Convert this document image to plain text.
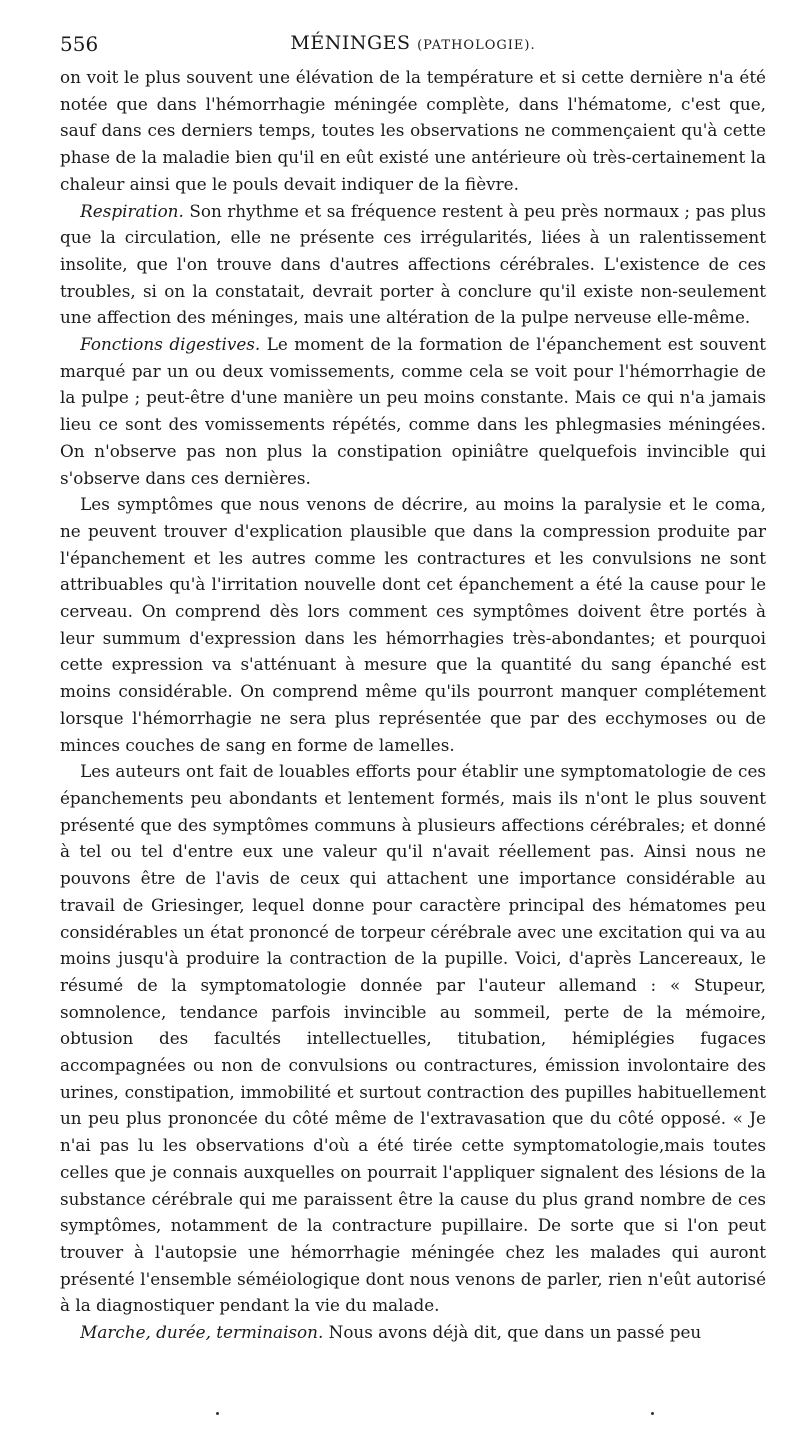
556	MÉNINGES (PATHOLOGIE).

on voit le plus souvent une élévation de la température et si cette dernière n'a été notée que dans l'hémorrhagie méningée complète, dans l'hématome, c'est que, sauf dans ces derniers temps, toutes les observations ne commençaient qu'à cette phase de la maladie bien qu'il en eût existé une antérieure où très-certainement la chaleur ainsi que le pouls devait indiquer de la fièvre.

Respiration. Son rhythme et sa fréquence restent à peu près normaux ; pas plus que la circulation, elle ne présente ces irrégularités, liées à un ralentissement insolite, que l'on trouve dans d'autres affections cérébrales. L'existence de ces troubles, si on la constatait, devrait porter à conclure qu'il existe non-seulement une affection des méninges, mais une altération de la pulpe nerveuse elle-même.

Fonctions digestives. Le moment de la formation de l'épanchement est souvent marqué par un ou deux vomissements, comme cela se voit pour l'hémorrhagie de la pulpe ; peut-être d'une manière un peu moins constante. Mais ce qui n'a jamais lieu ce sont des vomissements répétés, comme dans les phlegmasies méningées. On n'observe pas non plus la constipation opiniâtre quelquefois invincible qui s'observe dans ces dernières.

Les symptômes que nous venons de décrire, au moins la paralysie et le coma, ne peuvent trouver d'explication plausible que dans la compression produite par l'épanchement et les autres comme les contractures et les convulsions ne sont attribuables qu'à l'irritation nouvelle dont cet épanchement a été la cause pour le cerveau. On comprend dès lors comment ces symptômes doivent être portés à leur summum d'expression dans les hémorrhagies très-abondantes; et pourquoi cette expression va s'atténuant à mesure que la quantité du sang épanché est moins considérable. On comprend même qu'ils pourront manquer complétement lorsque l'hémorrhagie ne sera plus représentée que par des ecchymoses ou de minces couches de sang en forme de lamelles.

Les auteurs ont fait de louables efforts pour établir une symptomatologie de ces épanchements peu abondants et lentement formés, mais ils n'ont le plus souvent présenté que des symptômes communs à plusieurs affections cérébrales; et donné à tel ou tel d'entre eux une valeur qu'il n'avait réellement pas. Ainsi nous ne pouvons être de l'avis de ceux qui attachent une importance considérable au travail de Griesinger, lequel donne pour caractère principal des hématomes peu considérables un état prononcé de torpeur cérébrale avec une excitation qui va au moins jusqu'à produire la contraction de la pupille. Voici, d'après Lancereaux, le résumé de la symptomatologie donnée par l'auteur allemand : « Stupeur, somnolence, tendance parfois invincible au sommeil, perte de la mémoire, obtusion des facultés intellectuelles, titubation, hémiplégies fugaces accompagnées ou non de convulsions ou contractures, émission involontaire des urines, constipation, immobilité et surtout contraction des pupilles habituellement un peu plus prononcée du côté même de l'extravasation que du côté opposé. « Je n'ai pas lu les observations d'où a été tirée cette symptomatologie,mais toutes celles que je connais auxquelles on pourrait l'appliquer signalent des lésions de la substance cérébrale qui me paraissent être la cause du plus grand nombre de ces symptômes, notamment de la contracture pupillaire. De sorte que si l'on peut trouver à l'autopsie une hémorrhagie méningée chez les malades qui auront présenté l'ensemble séméiologique dont nous venons de parler, rien n'eût autorisé à la diagnostiquer pendant la vie du malade.

Marche, durée, terminaison. Nous avons déjà dit, que dans un passé peu
